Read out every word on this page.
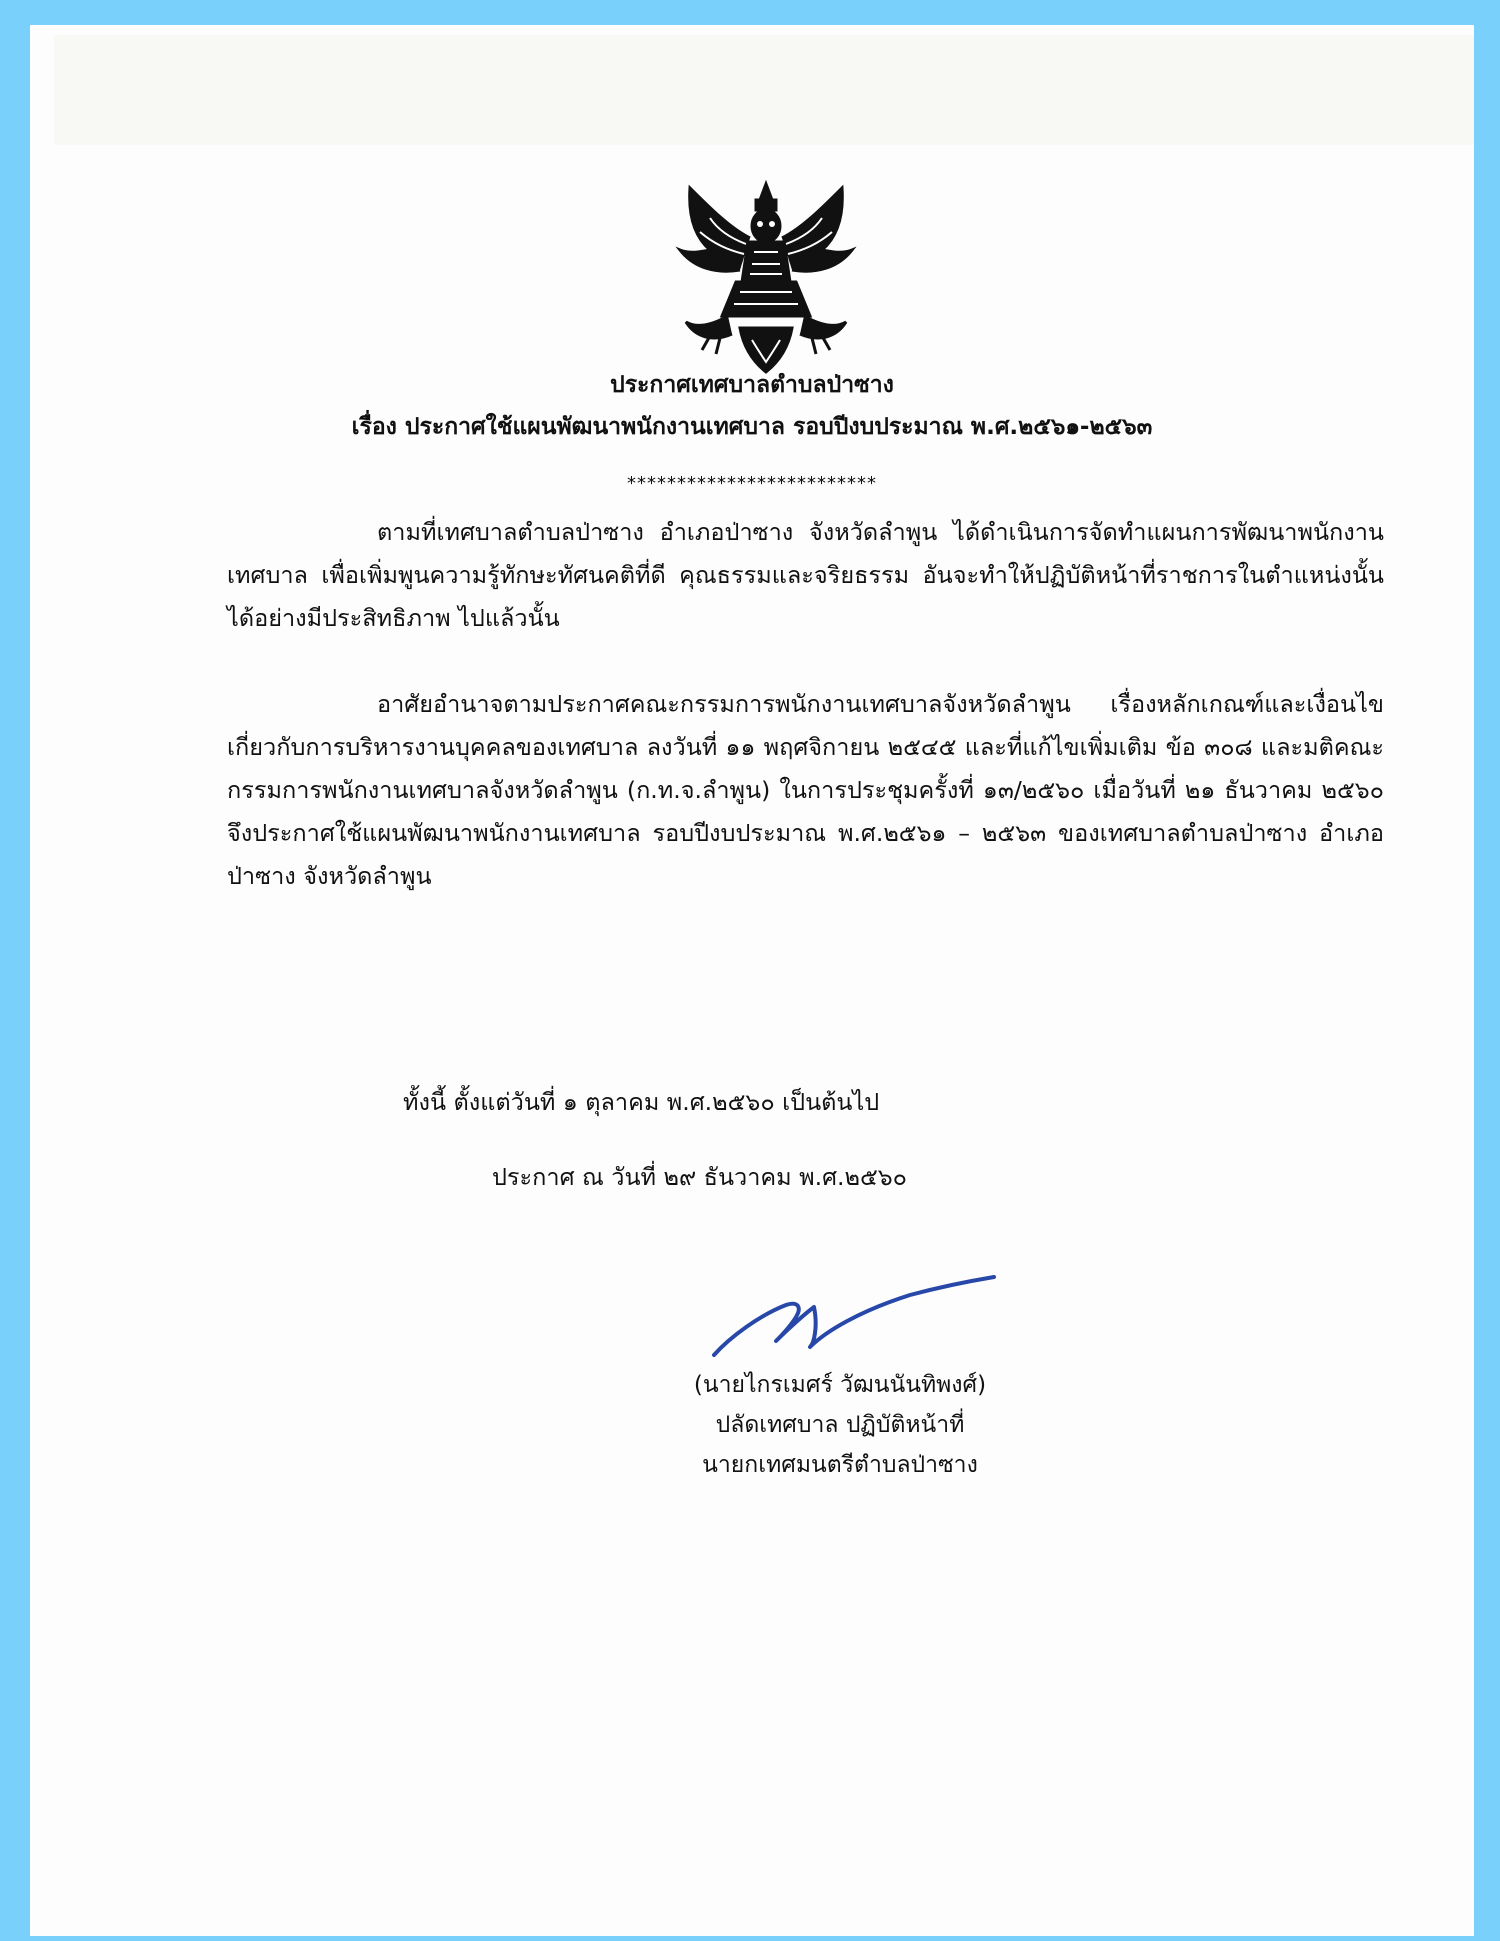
ประกาศเทศบาลตำบลป่าซาง
เรื่อง ประกาศใช้แผนพัฒนาพนักงานเทศบาล รอบปีงบประมาณ พ.ศ.๒๕๖๑-๒๕๖๓
*************************
ตามที่เทศบาลตำบลป่าซาง อำเภอป่าซาง จังหวัดลำพูน ได้ดำเนินการจัดทำแผนการพัฒนาพนักงานเทศบาล เพื่อเพิ่มพูนความรู้ทักษะทัศนคติที่ดี คุณธรรมและจริยธรรม อันจะทำให้ปฏิบัติหน้าที่ราชการในตำแหน่งนั้นได้อย่างมีประสิทธิภาพ ไปแล้วนั้น
อาศัยอำนาจตามประกาศคณะกรรมการพนักงานเทศบาลจังหวัดลำพูน เรื่องหลักเกณฑ์และเงื่อนไขเกี่ยวกับการบริหารงานบุคคลของเทศบาล ลงวันที่ ๑๑ พฤศจิกายน ๒๕๔๕ และที่แก้ไขเพิ่มเติม ข้อ ๓๐๘ และมติคณะกรรมการพนักงานเทศบาลจังหวัดลำพูน (ก.ท.จ.ลำพูน) ในการประชุมครั้งที่ ๑๓/๒๕๖๐ เมื่อวันที่ ๒๑ ธันวาคม ๒๕๖๐ จึงประกาศใช้แผนพัฒนาพนักงานเทศบาล รอบปีงบประมาณ พ.ศ.๒๕๖๑ – ๒๕๖๓ ของเทศบาลตำบลป่าซาง อำเภอป่าซาง จังหวัดลำพูน
ทั้งนี้ ตั้งแต่วันที่ ๑ ตุลาคม พ.ศ.๒๕๖๐ เป็นต้นไป
ประกาศ ณ วันที่ ๒๙ ธันวาคม พ.ศ.๒๕๖๐
(นายไกรเมศร์ วัฒนนันทิพงศ์)
ปลัดเทศบาล ปฏิบัติหน้าที่
นายกเทศมนตรีตำบลป่าซาง
